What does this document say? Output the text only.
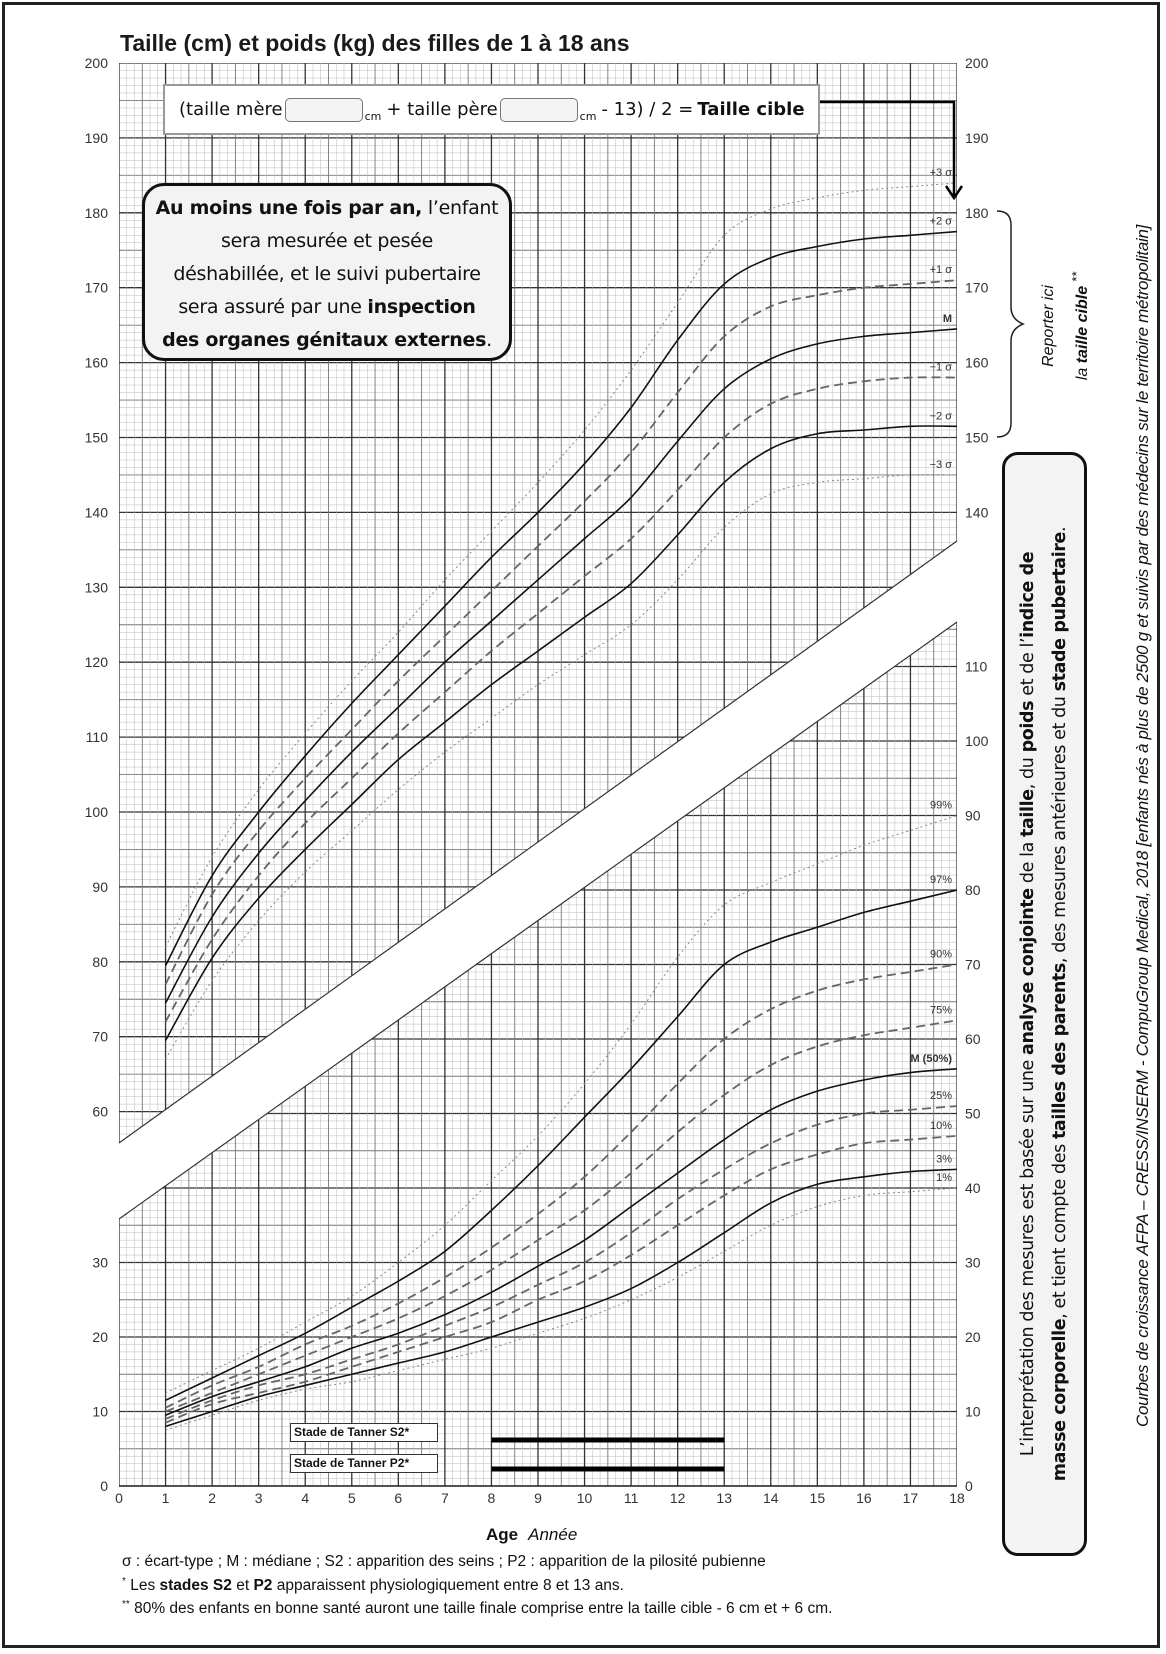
+3 σ
+2 σ
+1 σ
M
−1 σ
−2 σ
−3 σ
99%
97%
90%
75%
M (50%)
25%
10%
3%
1%
200
190
180
170
160
150
140
130
120
110
100
90
80
70
60
200
190
180
170
160
150
140
0
10
20
30
0
10
20
30
40
50
60
70
80
90
100
110
0	1	2	3	4	5	6	7	8	9 10 11 12 13 14 15 16 17 18
Taille (cm) et poids (kg) des filles de 1 à 18 ans
(taille mère	cm + taille père	cm - 13) / 2 = Taille cible
Au moins une fois par an, l’enfant
sera mesurée et pesée
déshabillée, et le suivi pubertaire
sera assuré par une inspection
des organes génitaux externes.	Reporter ici
la taille cible **
L’interprétation des mesures est basée sur une analyse conjointe de la taille, du poids et de l’indice de
masse corporelle, et tient compte des tailles des parents, des mesures antérieures et du stade pubertaire.	Courbes de croissance AFPA – CRESS/INSERM - CompuGroup Medical, 2018 [enfants nés à plus de 2500 g et suivis par des médecins sur le territoire métropolitain]
Stade de Tanner S2*
Stade de Tanner P2*
Age Année
σ : écart-type ; M : médiane ; S2 : apparition des seins ; P2 : apparition de la pilosité pubienne
* Les stades S2 et P2 apparaissent physiologiquement entre 8 et 13 ans.
** 80% des enfants en bonne santé auront une taille finale comprise entre la taille cible - 6 cm et + 6 cm.
